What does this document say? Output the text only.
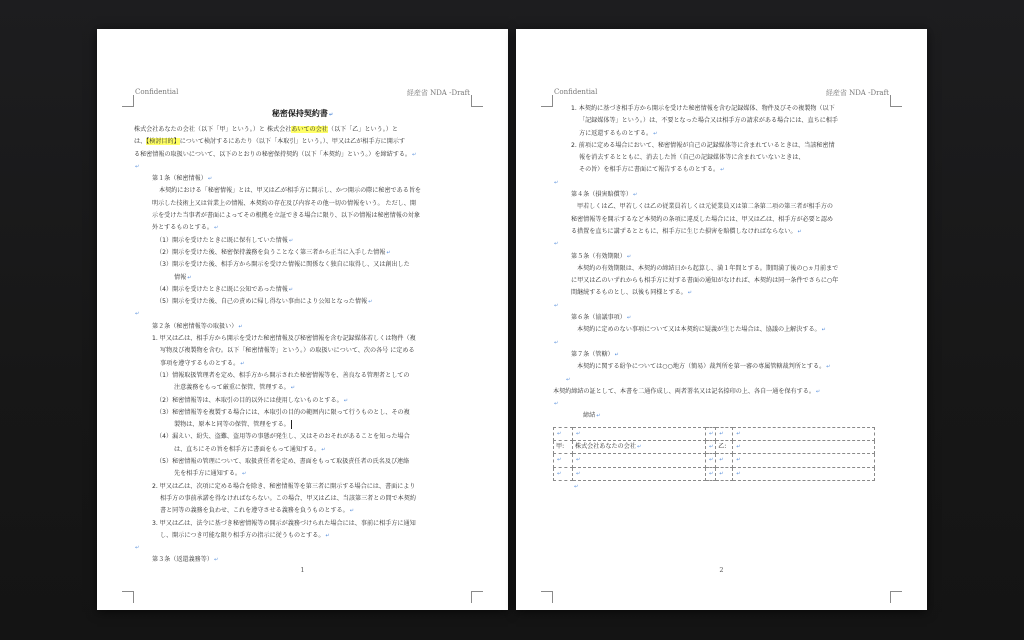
Confidential	経産省 NDA -Draft
秘密保持契約書↵

株式会社あなたの会社（以下「甲」という。）と 株式会社あいての会社（以下「乙」という。）と

は、【検討目的】について検討するにあたり（以下「本取引」という。）、甲又は乙が相手方に開示す

る秘密情報の取扱いについて、以下のとおりの秘密保持契約（以下「本契約」という。）を締結する。↵

↵

第１条（秘密情報）↵

本契約における「秘密情報」とは、甲又は乙が相手方に開示し、かつ開示の際に秘密である旨を

明示した技術上又は営業上の情報、本契約の存在及び内容その他一切の情報をいう。 ただし、開

示を受けた当事者が書面によってその根拠を立証できる場合に限り、以下の情報は秘密情報の対象

外とするものとする。↵

（1）開示を受けたときに既に保有していた情報↵

（2）開示を受けた後、秘密保持義務を負うことなく第三者から正当に入手した情報↵

（3）開示を受けた後、相手方から開示を受けた情報に関係なく独自に取得し、又は創出した

情報↵

（4）開示を受けたときに既に公知であった情報↵

（5）開示を受けた後、自己の責めに帰し得ない事由により公知となった情報↵

↵

第２条（秘密情報等の取扱い）↵

1. 甲又は乙は、相手方から開示を受けた秘密情報及び秘密情報を含む記録媒体若しくは物件（複

写物及び複製物を含む。以下「秘密情報等」という。）の取扱いについて、次の各号 に定める

事項を遵守するものとする。↵

（1）情報取扱管理者を定め、相手方から開示された秘密情報等を、善良なる管理者としての

注意義務をもって厳重に保管、管理する。↵

（2）秘密情報等は、本取引の目的以外には使用しないものとする。↵

（3）秘密情報等を複製する場合には、本取引の目的の範囲内に限って行うものとし、その複

製物は、原本と同等の保管、管理をする。

（4）漏えい、紛失、盗難、盗用等の事態が発生し、又はそのおそれがあることを知った場合

は、直ちにその旨を相手方に書面をもって通知する。↵

（5）秘密情報の管理について、取扱責任者を定め、書面をもって取扱責任者の氏名及び連絡

先を相手方に通知する。↵

2. 甲又は乙は、次項に定める場合を除き、秘密情報等を第三者に開示する場合には、書面により

相手方の事前承諾を得なければならない。この場合、甲又は乙は、当該第三者との間で本契約

書と同等の義務を負わせ、これを遵守させる義務を負うものとする。↵

3. 甲又は乙は、法令に基づき秘密情報等の開示が義務づけられた場合には、事前に相手方に通知

し、開示につき可能な限り相手方の指示に従うものとする。↵

↵

第３条（返還義務等）↵

1
Confidential	経産省 NDA -Draft

1. 本契約に基づき相手方から開示を受けた秘密情報を含む記録媒体、物件及びその複製物（以下

「記録媒体等」という。）は、不要となった場合又は相手方の請求がある場合には、直ちに相手

方に返還するものとする。↵

2. 前項に定める場合において、秘密情報が自己の記録媒体等に含まれているときは、当該秘密情

報を消去するとともに、消去した旨（自己の記録媒体等に含まれていないときは、

その旨）を相手方に書面にて報告するものとする。↵

↵

第４条（損害賠償等）↵

甲若しくは乙、甲若しくは乙の従業員若しくは元従業員又は第二条第二項の第三者が相手方の

秘密情報等を開示するなど本契約の条項に違反した場合には、甲又は乙は、相手方が必要と認め

る措置を直ちに講ずるとともに、相手方に生じた損害を賠償しなければならない。↵

↵

第５条（有効期限）↵

本契約の有効期限は、本契約の締結日から起算し、満１年間とする。期間満了後の○ヵ月前まで

に甲又は乙のいずれからも相手方に対する書面の通知がなければ、本契約は同一条件でさらに○年

間継続するものとし、以後も同様とする。↵

↵

第６条（協議事項）↵

本契約に定めのない事項について又は本契約に疑義が生じた場合は、協議の上解決する。↵

↵

第７条（管轄）↵

本契約に関する紛争については○○地方（簡易）裁判所を第一審の専属管轄裁判所とする。↵

↵

本契約締結の証として、本書を二通作成し、両者署名又は記名捺印の上、各自一通を保有する。↵

↵

締結↵

↵	↵	↵	↵	↵
甲:	株式会社あなたの会社↵	↵	乙:	↵
↵	↵	↵	↵	↵
↵	↵	↵	↵	↵
↵
2
